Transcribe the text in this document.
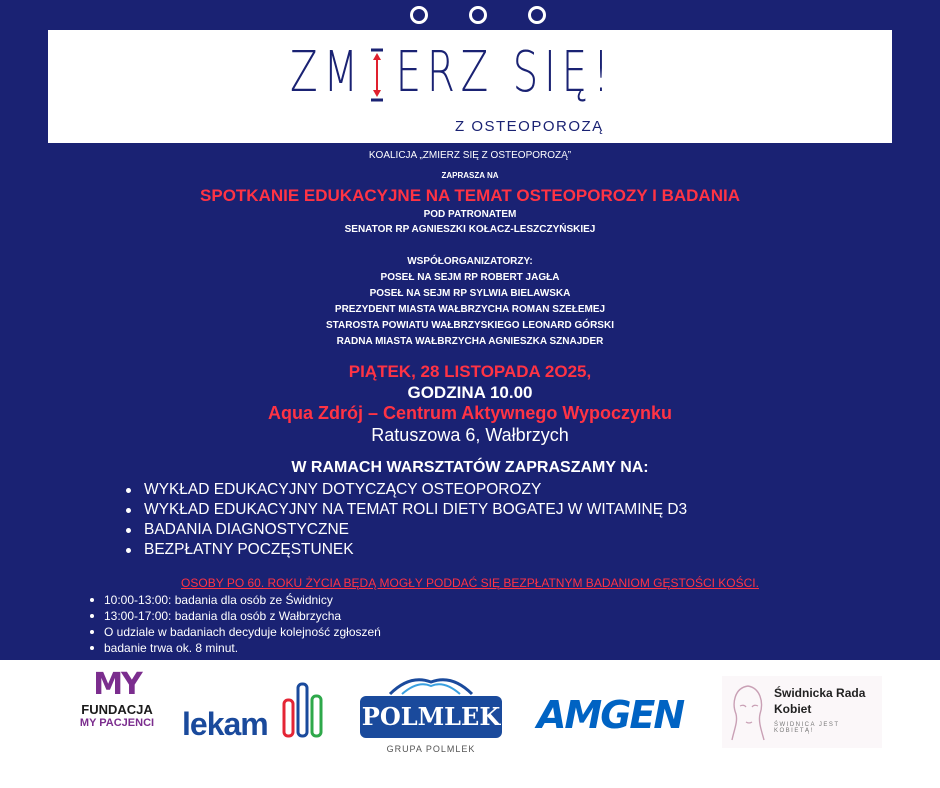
ZM ERZ SIĘ!
Z OSTEOPOROZĄ
KOALICJA „ZMIERZ SIĘ Z OSTEOPOROZĄ”
ZAPRASZA NA
SPOTKANIE EDUKACYJNE NA TEMAT OSTEOPOROZY I BADANIA
POD PATRONATEM
SENATOR RP AGNIESZKI KOŁACZ-LESZCZYŃSKIEJ
WSPÓŁORGANIZATORZY:
POSEŁ NA SEJM RP ROBERT JAGŁA
POSEŁ NA SEJM RP SYLWIA BIELAWSKA
PREZYDENT MIASTA WAŁBRZYCHA ROMAN SZEŁEMEJ
STAROSTA POWIATU WAŁBRZYSKIEGO LEONARD GÓRSKI
RADNA MIASTA WAŁBRZYCHA AGNIESZKA SZNAJDER
PIĄTEK, 28 LISTOPADA 2O25,
GODZINA 10.00
Aqua Zdrój – Centrum Aktywnego Wypoczynku
Ratuszowa 6, Wałbrzych
W RAMACH WARSZTATÓW ZAPRASZAMY NA:
WYKŁAD EDUKACYJNY DOTYCZĄCY OSTEOPOROZY
WYKŁAD EDUKACYJNY NA TEMAT ROLI DIETY BOGATEJ W WITAMINĘ D3
BADANIA DIAGNOSTYCZNE
BEZPŁATNY POCZĘSTUNEK
OSOBY PO 60. ROKU ŻYCIA BĘDĄ MOGŁY PODDAĆ SIĘ BEZPŁATNYM BADANIOM GĘSTOŚCI KOŚCI.
10:00-13:00: badania dla osób ze Świdnicy
13:00-17:00: badania dla osób z Wałbrzycha
O udziale w badaniach decyduje kolejność zgłoszeń
badanie trwa ok. 8 minut.
MY
FUNDACJA
MY PACJENCI lekam	POLMLEK
GRUPA POLMLEK
AMGEN	Świdnicka Rada
Kobiet
ŚWIDNICA JEST KOBIETĄ!
